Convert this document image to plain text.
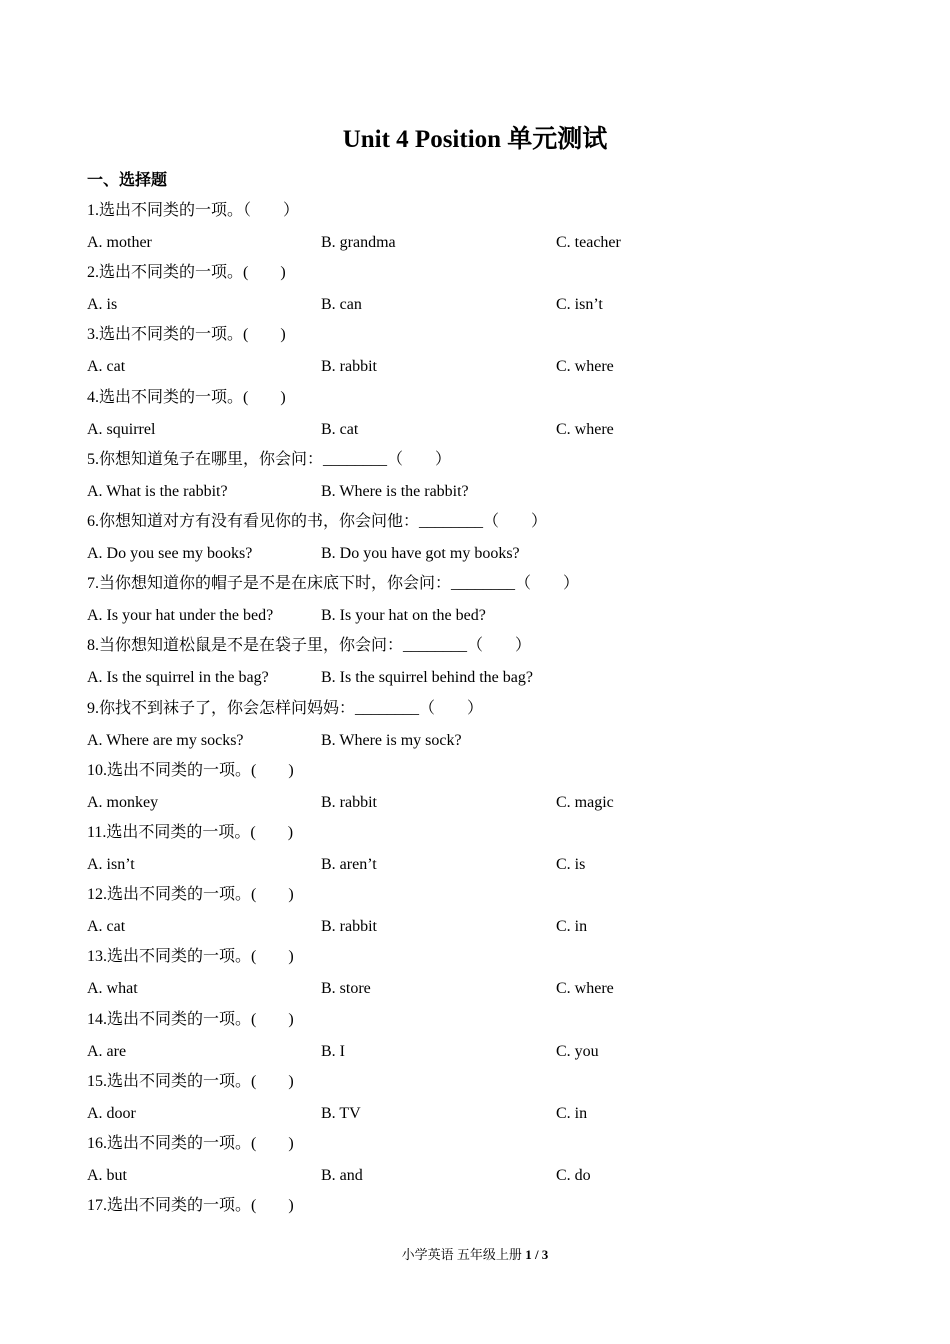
Unit 4 Position 单元测试
一、选择题
1.选出不同类的一项。（　　）
A. mother	B. grandma	C. teacher
2.选出不同类的一项。(　　)
A. is	B. can	C. isn’t
3.选出不同类的一项。(　　)
A. cat	B. rabbit	C. where
4.选出不同类的一项。(　　)
A. squirrel	B. cat	C. where
5.你想知道兔子在哪里，你会问：________（　　）
A. What is the rabbit?	B. Where is the rabbit?
6.你想知道对方有没有看见你的书，你会问他：________（　　）
A. Do you see my books?	B. Do you have got my books?
7.当你想知道你的帽子是不是在床底下时，你会问：________（　　）
A. Is your hat under the bed?	B. Is your hat on the bed?
8.当你想知道松鼠是不是在袋子里，你会问：________（　　）
A. Is the squirrel in the bag?	B. Is the squirrel behind the bag?
9.你找不到袜子了，你会怎样问妈妈：________（　　）
A. Where are my socks?	B. Where is my sock?
10.选出不同类的一项。(　　)
A. monkey	B. rabbit	C. magic
11.选出不同类的一项。(　　)
A. isn’t	B. aren’t	C. is
12.选出不同类的一项。(　　)
A. cat	B. rabbit	C. in
13.选出不同类的一项。(　　)
A. what	B. store	C. where
14.选出不同类的一项。(　　)
A. are	B. I	C. you
15.选出不同类的一项。(　　)
A. door	B. TV	C. in
16.选出不同类的一项。(　　)
A. but	B. and	C. do
17.选出不同类的一项。(　　)
小学英语 五年级上册 1 / 3
